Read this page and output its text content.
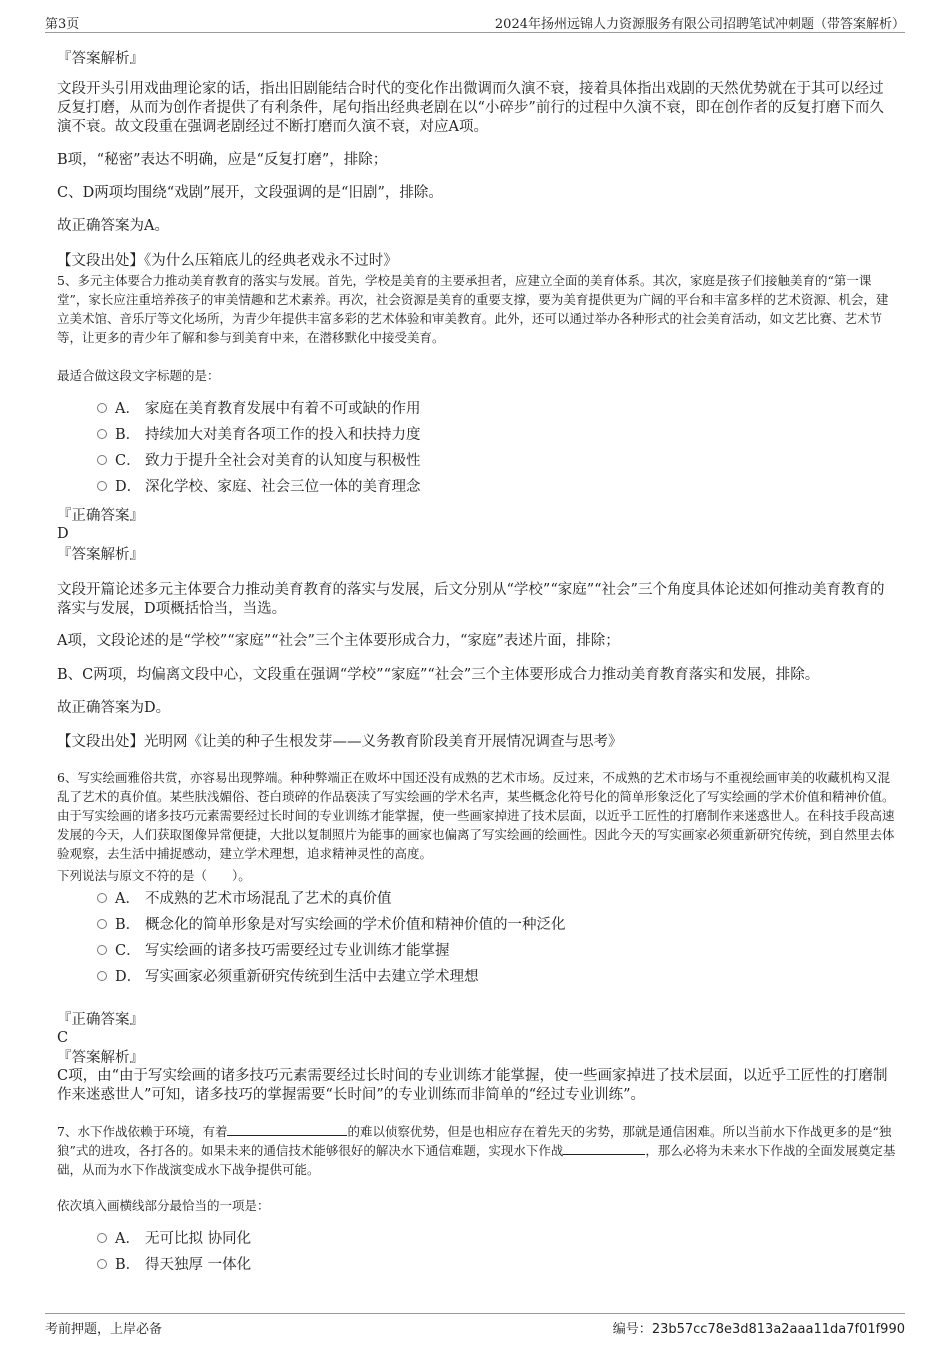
第3页	2024年扬州远锦人力资源服务有限公司招聘笔试冲刺题（带答案解析）
『答案解析』
文段开头引用戏曲理论家的话，指出旧剧能结合时代的变化作出微调而久演不衰，接着具体指出戏剧的天然优势就在于其可以经过反复打磨，从而为创作者提供了有利条件，尾句指出经典老剧在以“小碎步”前行的过程中久演不衰，即在创作者的反复打磨下而久演不衰。故文段重在强调老剧经过不断打磨而久演不衰，对应A项。
B项，“秘密”表达不明确，应是“反复打磨”，排除；
C、D两项均围绕“戏剧”展开，文段强调的是“旧剧”，排除。
故正确答案为A。
【文段出处】《为什么压箱底儿的经典老戏永不过时》
5、多元主体要合力推动美育教育的落实与发展。首先，学校是美育的主要承担者，应建立全面的美育体系。其次，家庭是孩子们接触美育的“第一课堂”，家长应注重培养孩子的审美情趣和艺术素养。再次，社会资源是美育的重要支撑，要为美育提供更为广阔的平台和丰富多样的艺术资源、机会，建立美术馆、音乐厅等文化场所，为青少年提供丰富多彩的艺术体验和审美教育。此外，还可以通过举办各种形式的社会美育活动，如文艺比赛、艺术节等，让更多的青少年了解和参与到美育中来，在潜移默化中接受美育。
最适合做这段文字标题的是：
A． 家庭在美育教育发展中有着不可或缺的作用
B． 持续加大对美育各项工作的投入和扶持力度
C． 致力于提升全社会对美育的认知度与积极性
D． 深化学校、家庭、社会三位一体的美育理念
『正确答案』
D
『答案解析』
文段开篇论述多元主体要合力推动美育教育的落实与发展，后文分别从“学校”“家庭”“社会”三个角度具体论述如何推动美育教育的落实与发展，D项概括恰当，当选。
A项，文段论述的是“学校”“家庭”“社会”三个主体要形成合力，“家庭”表述片面，排除；
B、C两项，均偏离文段中心，文段重在强调“学校”“家庭”“社会”三个主体要形成合力推动美育教育落实和发展，排除。
故正确答案为D。
【文段出处】光明网《让美的种子生根发芽——义务教育阶段美育开展情况调查与思考》
6、写实绘画雅俗共赏，亦容易出现弊端。种种弊端正在败坏中国还没有成熟的艺术市场。反过来，不成熟的艺术市场与不重视绘画审美的收藏机构又混乱了艺术的真价值。某些肤浅媚俗、苍白琐碎的作品亵渎了写实绘画的学术名声，某些概念化符号化的简单形象泛化了写实绘画的学术价值和精神价值。由于写实绘画的诸多技巧元素需要经过长时间的专业训练才能掌握，使一些画家掉进了技术层面，以近乎工匠性的打磨制作来迷惑世人。在科技手段高速发展的今天，人们获取图像异常便捷，大批以复制照片为能事的画家也偏离了写实绘画的绘画性。因此今天的写实画家必须重新研究传统，到自然里去体验观察，去生活中捕捉感动，建立学术理想，追求精神灵性的高度。
下列说法与原文不符的是（　　）。
A． 不成熟的艺术市场混乱了艺术的真价值
B． 概念化的简单形象是对写实绘画的学术价值和精神价值的一种泛化
C． 写实绘画的诸多技巧需要经过专业训练才能掌握
D． 写实画家必须重新研究传统到生活中去建立学术理想
『正确答案』
C
『答案解析』
C项，由“由于写实绘画的诸多技巧元素需要经过长时间的专业训练才能掌握，使一些画家掉进了技术层面，以近乎工匠性的打磨制作来迷惑世人”可知，诸多技巧的掌握需要“长时间”的专业训练而非简单的“经过专业训练”。
7、水下作战依赖于环境，有着	的难以侦察优势，但是也相应存在着先天的劣势，那就是通信困难。所以当前水下作战更多的是“独狼”式的进攻，各打各的。如果未来的通信技术能够很好的解决水下通信难题，实现水下作战	，那么必将为未来水下作战的全面发展奠定基础，从而为水下作战演变成水下战争提供可能。
依次填入画横线部分最恰当的一项是：
A． 无可比拟 协同化
B． 得天独厚 一体化
考前押题，上岸必备	编号：23b57cc78e3d813a2aaa11da7f01f990
